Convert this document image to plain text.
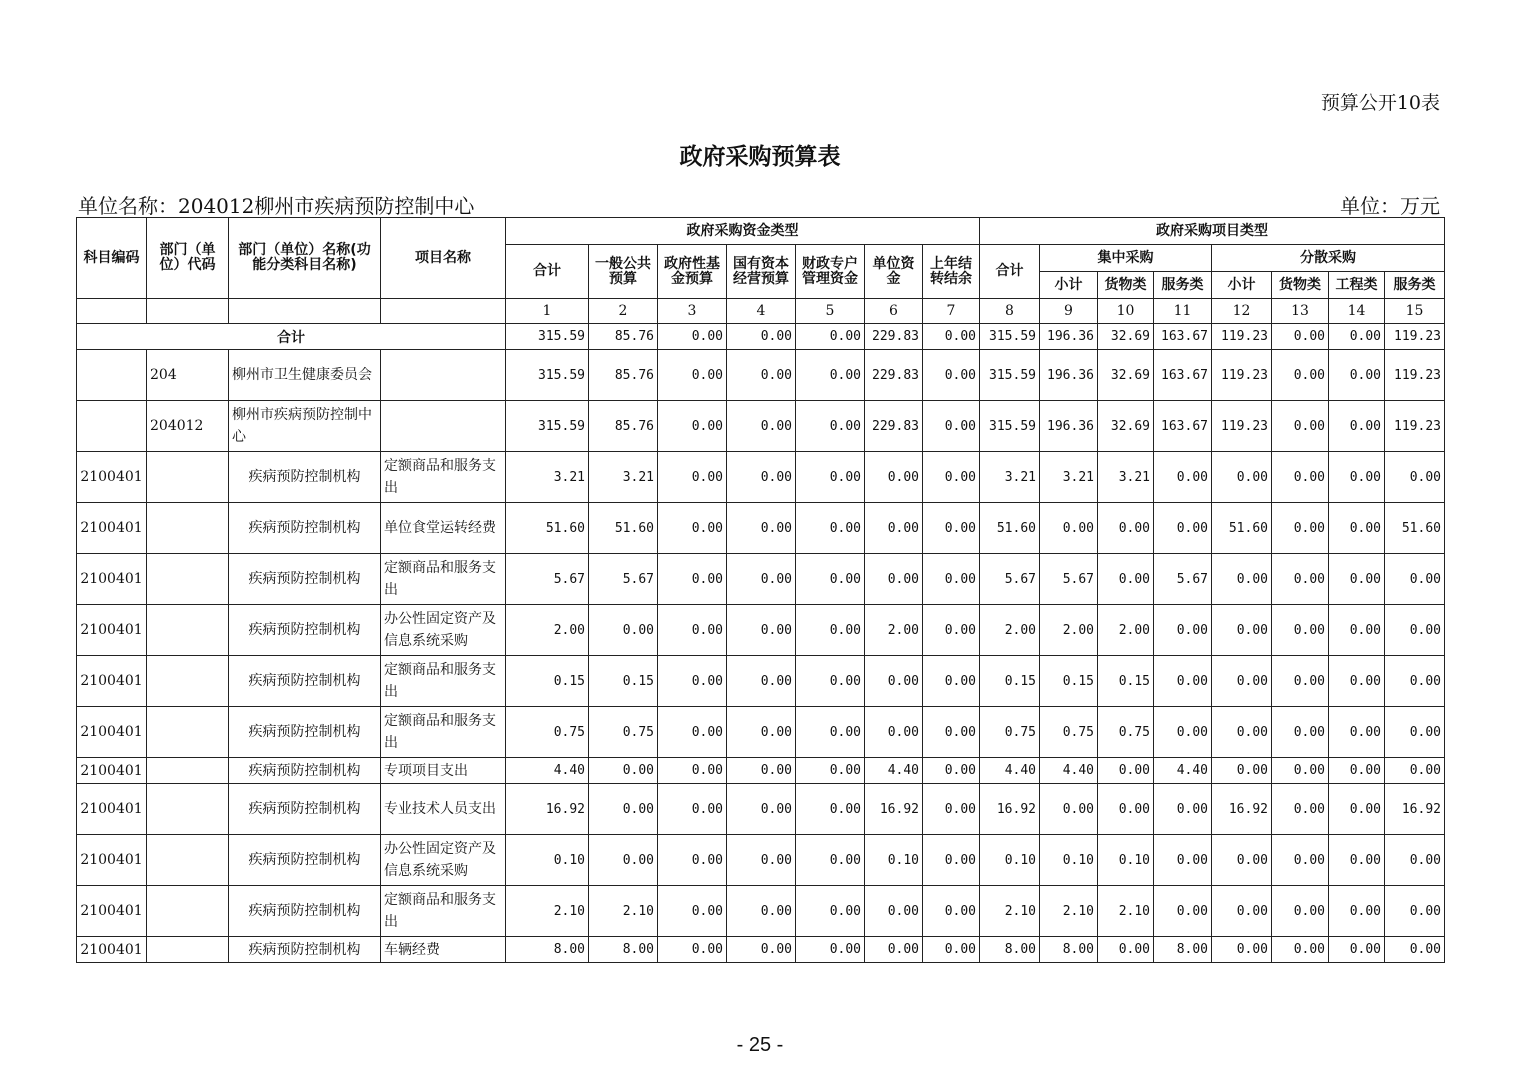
预算公开10表
政府采购预算表
单位名称：204012柳州市疾病预防控制中心	单位：万元
科目编码	部门（单位）代码	部门（单位）名称(功能分类科目名称)	项目名称	政府采购资金类型							政府采购项目类型							
				合计	一般公共预算	政府性基金预算	国有资本经营预算	财政专户管理资金	单位资金	上年结转结余	合计	集中采购			分散采购			
												小计	货物类	服务类	小计	货物类	工程类	服务类
				1	2	3	4	5	6	7	8	9	10	11	12	13	14	15
合计				315.59	85.76	0.00	0.00	0.00	229.83	0.00	315.59	196.36	32.69	163.67	119.23	0.00	0.00	119.23
	204	柳州市卫生健康委员会		315.59	85.76	0.00	0.00	0.00	229.83	0.00	315.59	196.36	32.69	163.67	119.23	0.00	0.00	119.23
	204012	柳州市疾病预防控制中心		315.59	85.76	0.00	0.00	0.00	229.83	0.00	315.59	196.36	32.69	163.67	119.23	0.00	0.00	119.23
2100401		疾病预防控制机构	定额商品和服务支出	3.21	3.21	0.00	0.00	0.00	0.00	0.00	3.21	3.21	3.21	0.00	0.00	0.00	0.00	0.00
2100401		疾病预防控制机构	单位食堂运转经费	51.60	51.60	0.00	0.00	0.00	0.00	0.00	51.60	0.00	0.00	0.00	51.60	0.00	0.00	51.60
2100401		疾病预防控制机构	定额商品和服务支出	5.67	5.67	0.00	0.00	0.00	0.00	0.00	5.67	5.67	0.00	5.67	0.00	0.00	0.00	0.00
2100401		疾病预防控制机构	办公性固定资产及信息系统采购	2.00	0.00	0.00	0.00	0.00	2.00	0.00	2.00	2.00	2.00	0.00	0.00	0.00	0.00	0.00
2100401		疾病预防控制机构	定额商品和服务支出	0.15	0.15	0.00	0.00	0.00	0.00	0.00	0.15	0.15	0.15	0.00	0.00	0.00	0.00	0.00
2100401		疾病预防控制机构	定额商品和服务支出	0.75	0.75	0.00	0.00	0.00	0.00	0.00	0.75	0.75	0.75	0.00	0.00	0.00	0.00	0.00
2100401		疾病预防控制机构	专项项目支出	4.40	0.00	0.00	0.00	0.00	4.40	0.00	4.40	4.40	0.00	4.40	0.00	0.00	0.00	0.00
2100401		疾病预防控制机构	专业技术人员支出	16.92	0.00	0.00	0.00	0.00	16.92	0.00	16.92	0.00	0.00	0.00	16.92	0.00	0.00	16.92
2100401		疾病预防控制机构	办公性固定资产及信息系统采购	0.10	0.00	0.00	0.00	0.00	0.10	0.00	0.10	0.10	0.10	0.00	0.00	0.00	0.00	0.00
2100401		疾病预防控制机构	定额商品和服务支出	2.10	2.10	0.00	0.00	0.00	0.00	0.00	2.10	2.10	2.10	0.00	0.00	0.00	0.00	0.00
2100401		疾病预防控制机构	车辆经费	8.00	8.00	0.00	0.00	0.00	0.00	0.00	8.00	8.00	0.00	8.00	0.00	0.00	0.00	0.00
- 25 -
